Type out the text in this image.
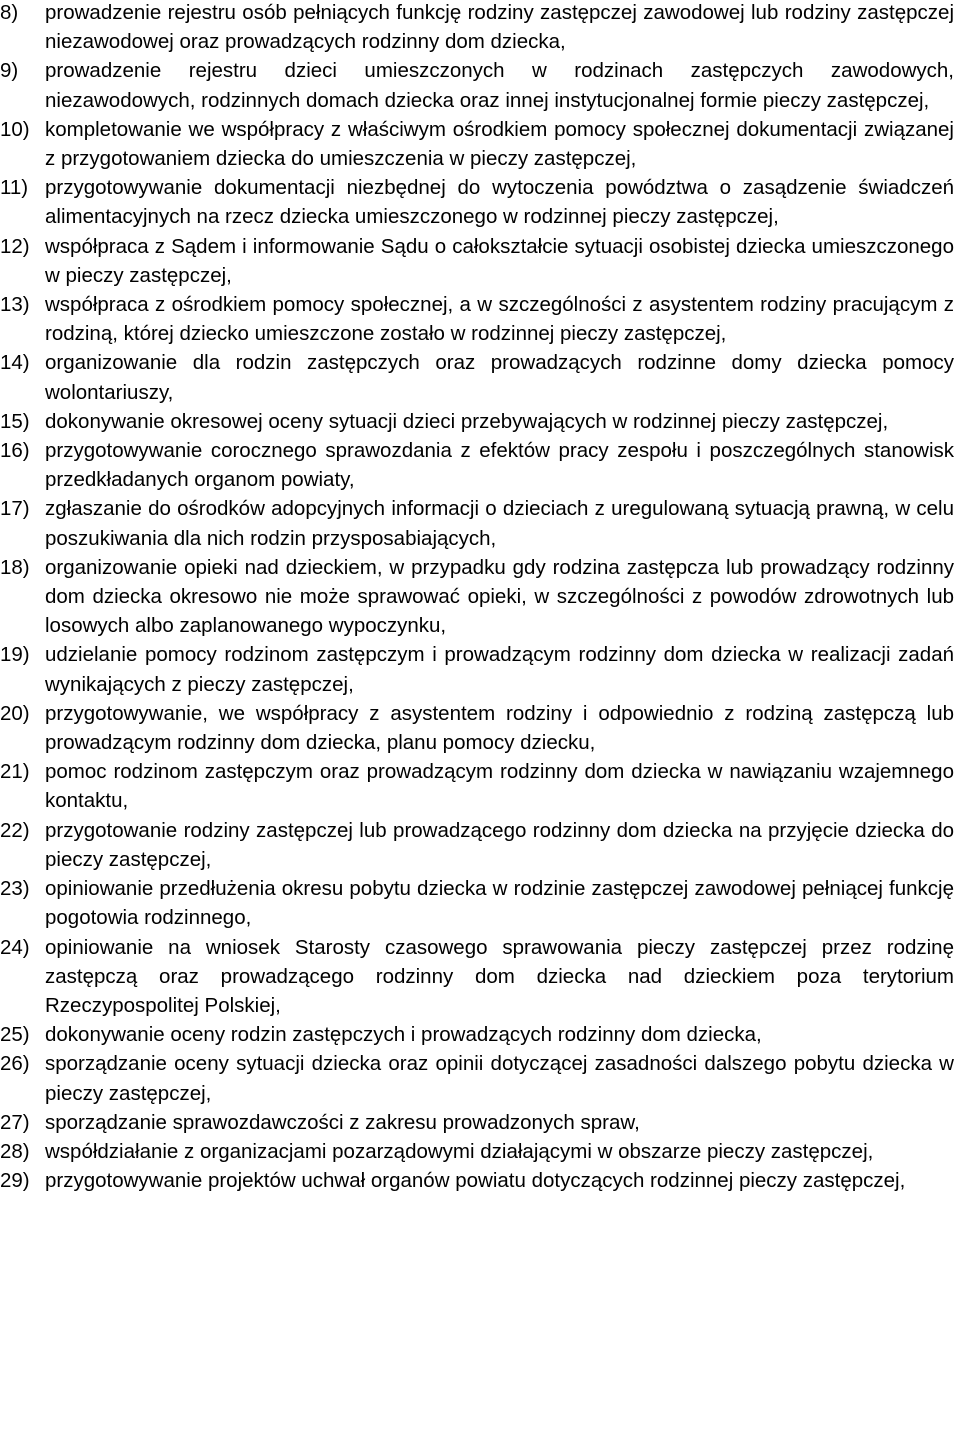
8) prowadzenie rejestru osób pełniących funkcję rodziny zastępczej zawodowej lub rodziny zastępczej niezawodowej oraz prowadzących rodzinny dom dziecka,
9) prowadzenie rejestru dzieci umieszczonych w rodzinach zastępczych zawodowych, niezawodowych, rodzinnych domach dziecka oraz innej instytucjonalnej formie pieczy zastępczej,
10) kompletowanie we współpracy z właściwym ośrodkiem pomocy społecznej dokumentacji związanej z przygotowaniem dziecka do umieszczenia w pieczy zastępczej,
11) przygotowywanie dokumentacji niezbędnej do wytoczenia powództwa o zasądzenie świadczeń alimentacyjnych na rzecz dziecka umieszczonego w rodzinnej pieczy zastępczej,
12) współpraca z Sądem i informowanie Sądu o całokształcie sytuacji osobistej dziecka umieszczonego w pieczy zastępczej,
13) współpraca z ośrodkiem pomocy społecznej, a w szczególności z asystentem rodziny pracującym z rodziną, której dziecko umieszczone zostało w rodzinnej pieczy zastępczej,
14) organizowanie dla rodzin zastępczych oraz prowadzących rodzinne domy dziecka pomocy wolontariuszy,
15) dokonywanie okresowej oceny sytuacji dzieci przebywających w rodzinnej pieczy zastępczej,
16) przygotowywanie corocznego sprawozdania z efektów pracy zespołu i poszczególnych stanowisk przedkładanych organom powiaty,
17) zgłaszanie do ośrodków adopcyjnych informacji o dzieciach z uregulowaną sytuacją prawną, w celu poszukiwania dla nich rodzin przysposabiających,
18) organizowanie opieki nad dzieckiem, w przypadku gdy rodzina zastępcza lub prowadzący rodzinny dom dziecka okresowo nie może sprawować opieki, w szczególności z powodów zdrowotnych lub losowych albo zaplanowanego wypoczynku,
19) udzielanie pomocy rodzinom zastępczym i prowadzącym rodzinny dom dziecka w realizacji zadań wynikających z pieczy zastępczej,
20) przygotowywanie, we współpracy z asystentem rodziny i odpowiednio z rodziną zastępczą lub prowadzącym rodzinny dom dziecka, planu pomocy dziecku,
21) pomoc rodzinom zastępczym oraz prowadzącym rodzinny dom dziecka w nawiązaniu wzajemnego kontaktu,
22) przygotowanie rodziny zastępczej lub prowadzącego rodzinny dom dziecka na przyjęcie dziecka do pieczy zastępczej,
23) opiniowanie przedłużenia okresu pobytu dziecka w rodzinie zastępczej zawodowej pełniącej funkcję pogotowia rodzinnego,
24) opiniowanie na wniosek Starosty czasowego sprawowania pieczy zastępczej przez rodzinę zastępczą oraz prowadzącego rodzinny dom dziecka nad dzieckiem poza terytorium Rzeczypospolitej Polskiej,
25) dokonywanie oceny rodzin zastępczych i prowadzących rodzinny dom dziecka,
26) sporządzanie oceny sytuacji dziecka oraz opinii dotyczącej zasadności dalszego pobytu dziecka w pieczy zastępczej,
27) sporządzanie sprawozdawczości z zakresu prowadzonych spraw,
28) współdziałanie z organizacjami pozarządowymi działającymi w obszarze pieczy zastępczej,
29) przygotowywanie projektów uchwał organów powiatu dotyczących rodzinnej pieczy zastępczej,
